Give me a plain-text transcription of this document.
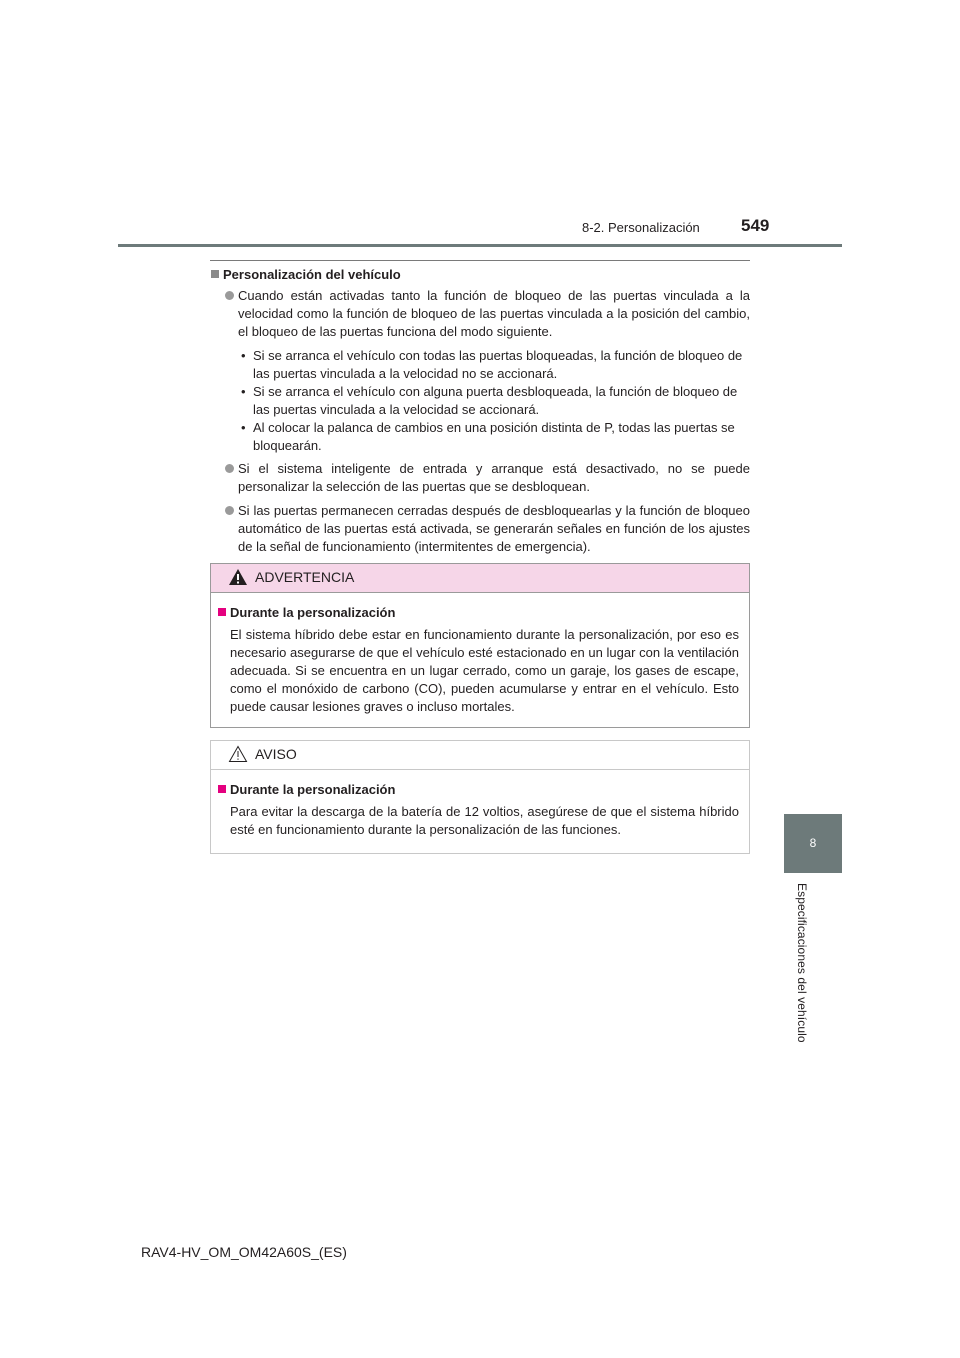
8-2. Personalización 549
8
Especificaciones del vehículo
Personalización del vehículo
Cuando están activadas tanto la función de bloqueo de las puertas vinculada a la velocidad como la función de bloqueo de las puertas vinculada a la posición del cambio, el bloqueo de las puertas funciona del modo siguiente.
• Si se arranca el vehículo con todas las puertas bloqueadas, la función de bloqueo de las puertas vinculada a la velocidad no se accionará.
• Si se arranca el vehículo con alguna puerta desbloqueada, la función de bloqueo de las puertas vinculada a la velocidad se accionará.
• Al colocar la palanca de cambios en una posición distinta de P, todas las puertas se bloquearán.
Si el sistema inteligente de entrada y arranque está desactivado, no se puede personalizar la selección de las puertas que se desbloquean.
Si las puertas permanecen cerradas después de desbloquearlas y la función de bloqueo automático de las puertas está activada, se generarán señales en función de los ajustes de la señal de funcionamiento (intermitentes de emergencia).
ADVERTENCIA
Durante la personalización
El sistema híbrido debe estar en funcionamiento durante la personalización, por eso es necesario asegurarse de que el vehículo esté estacionado en un lugar con la ventilación adecuada. Si se encuentra en un lugar cerrado, como un garaje, los gases de escape, como el monóxido de carbono (CO), pueden acumularse y entrar en el vehículo. Esto puede causar lesiones graves o incluso mortales.
AVISO
Durante la personalización
Para evitar la descarga de la batería de 12 voltios, asegúrese de que el sistema híbrido esté en funcionamiento durante la personalización de las funciones.
RAV4-HV_OM_OM42A60S_(ES)
